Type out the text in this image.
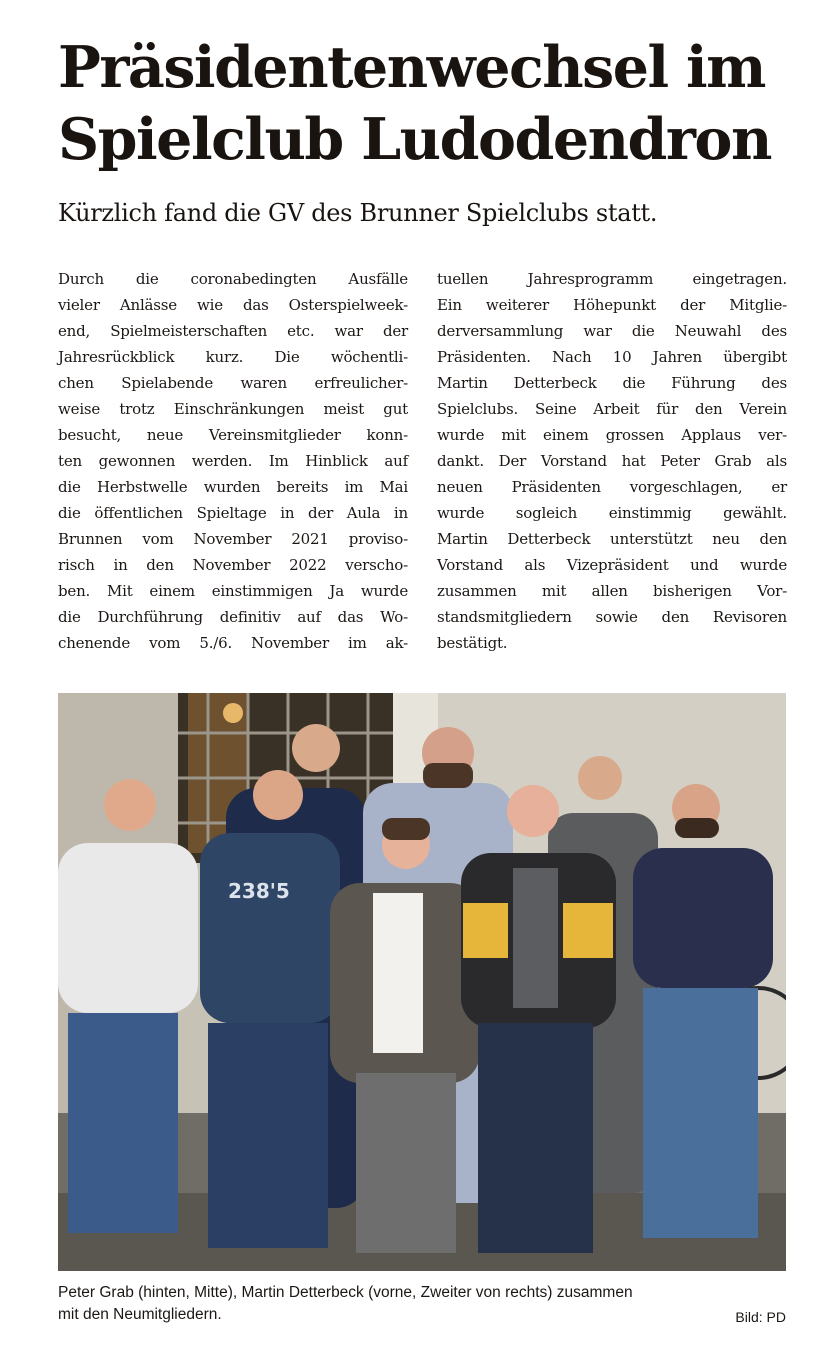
Präsidentenwechsel im
Spielclub Ludodendron
Kürzlich fand die GV des Brunner Spielclubs statt.
Durch die coronabedingten Ausfälle
vieler Anlässe wie das Osterspielweek-
end, Spielmeisterschaften etc. war der
Jahresrückblick kurz. Die wöchentli-
chen Spielabende waren erfreulicher-
weise trotz Einschränkungen meist gut
besucht, neue Vereinsmitglieder konn-
ten gewonnen werden. Im Hinblick auf
die Herbstwelle wurden bereits im Mai
die öffentlichen Spieltage in der Aula in
Brunnen vom November 2021 proviso-
risch in den November 2022 verscho-
ben. Mit einem einstimmigen Ja wurde
die Durchführung definitiv auf das Wo-
chenende vom 5./6. November im ak-
tuellen Jahresprogramm eingetragen.
Ein weiterer Höhepunkt der Mitglie-
derversammlung war die Neuwahl des
Präsidenten. Nach 10 Jahren übergibt
Martin Detterbeck die Führung des
Spielclubs. Seine Arbeit für den Verein
wurde mit einem grossen Applaus ver-
dankt. Der Vorstand hat Peter Grab als
neuen Präsidenten vorgeschlagen, er
wurde sogleich einstimmig gewählt.
Martin Detterbeck unterstützt neu den
Vorstand als Vizepräsident und wurde
zusammen mit allen bisherigen Vor-
standsmitgliedern sowie den Revisoren
bestätigt.
238'5
Peter Grab (hinten, Mitte), Martin Detterbeck (vorne, Zweiter von rechts) zusammen
mit den Neumitgliedern.	Bild: PD
